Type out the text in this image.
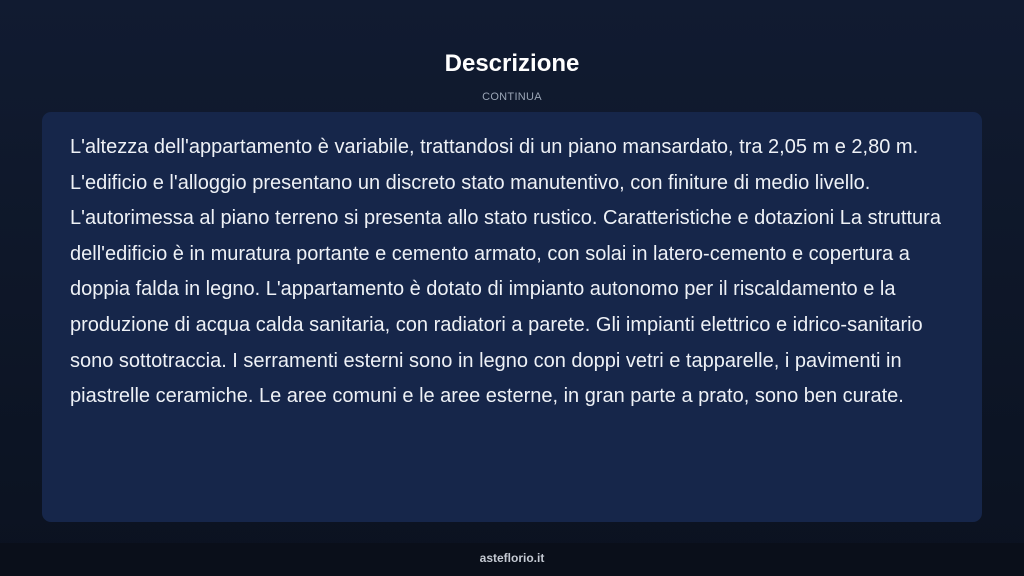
Descrizione
CONTINUA

L'altezza dell'appartamento è variabile, trattandosi di un piano mansardato, tra 2,05 m e 2,80 m. L'edificio e l'alloggio presentano un discreto stato manutentivo, con finiture di medio livello. L'autorimessa al piano terreno si presenta allo stato rustico. Caratteristiche e dotazioni La struttura dell'edificio è in muratura portante e cemento armato, con solai in latero-cemento e copertura a doppia falda in legno. L'appartamento è dotato di impianto autonomo per il riscaldamento e la produzione di acqua calda sanitaria, con radiatori a parete. Gli impianti elettrico e idrico-sanitario sono sottotraccia. I serramenti esterni sono in legno con doppi vetri e tapparelle, i pavimenti in piastrelle ceramiche. Le aree comuni e le aree esterne, in gran parte a prato, sono ben curate.

asteflorio.it
